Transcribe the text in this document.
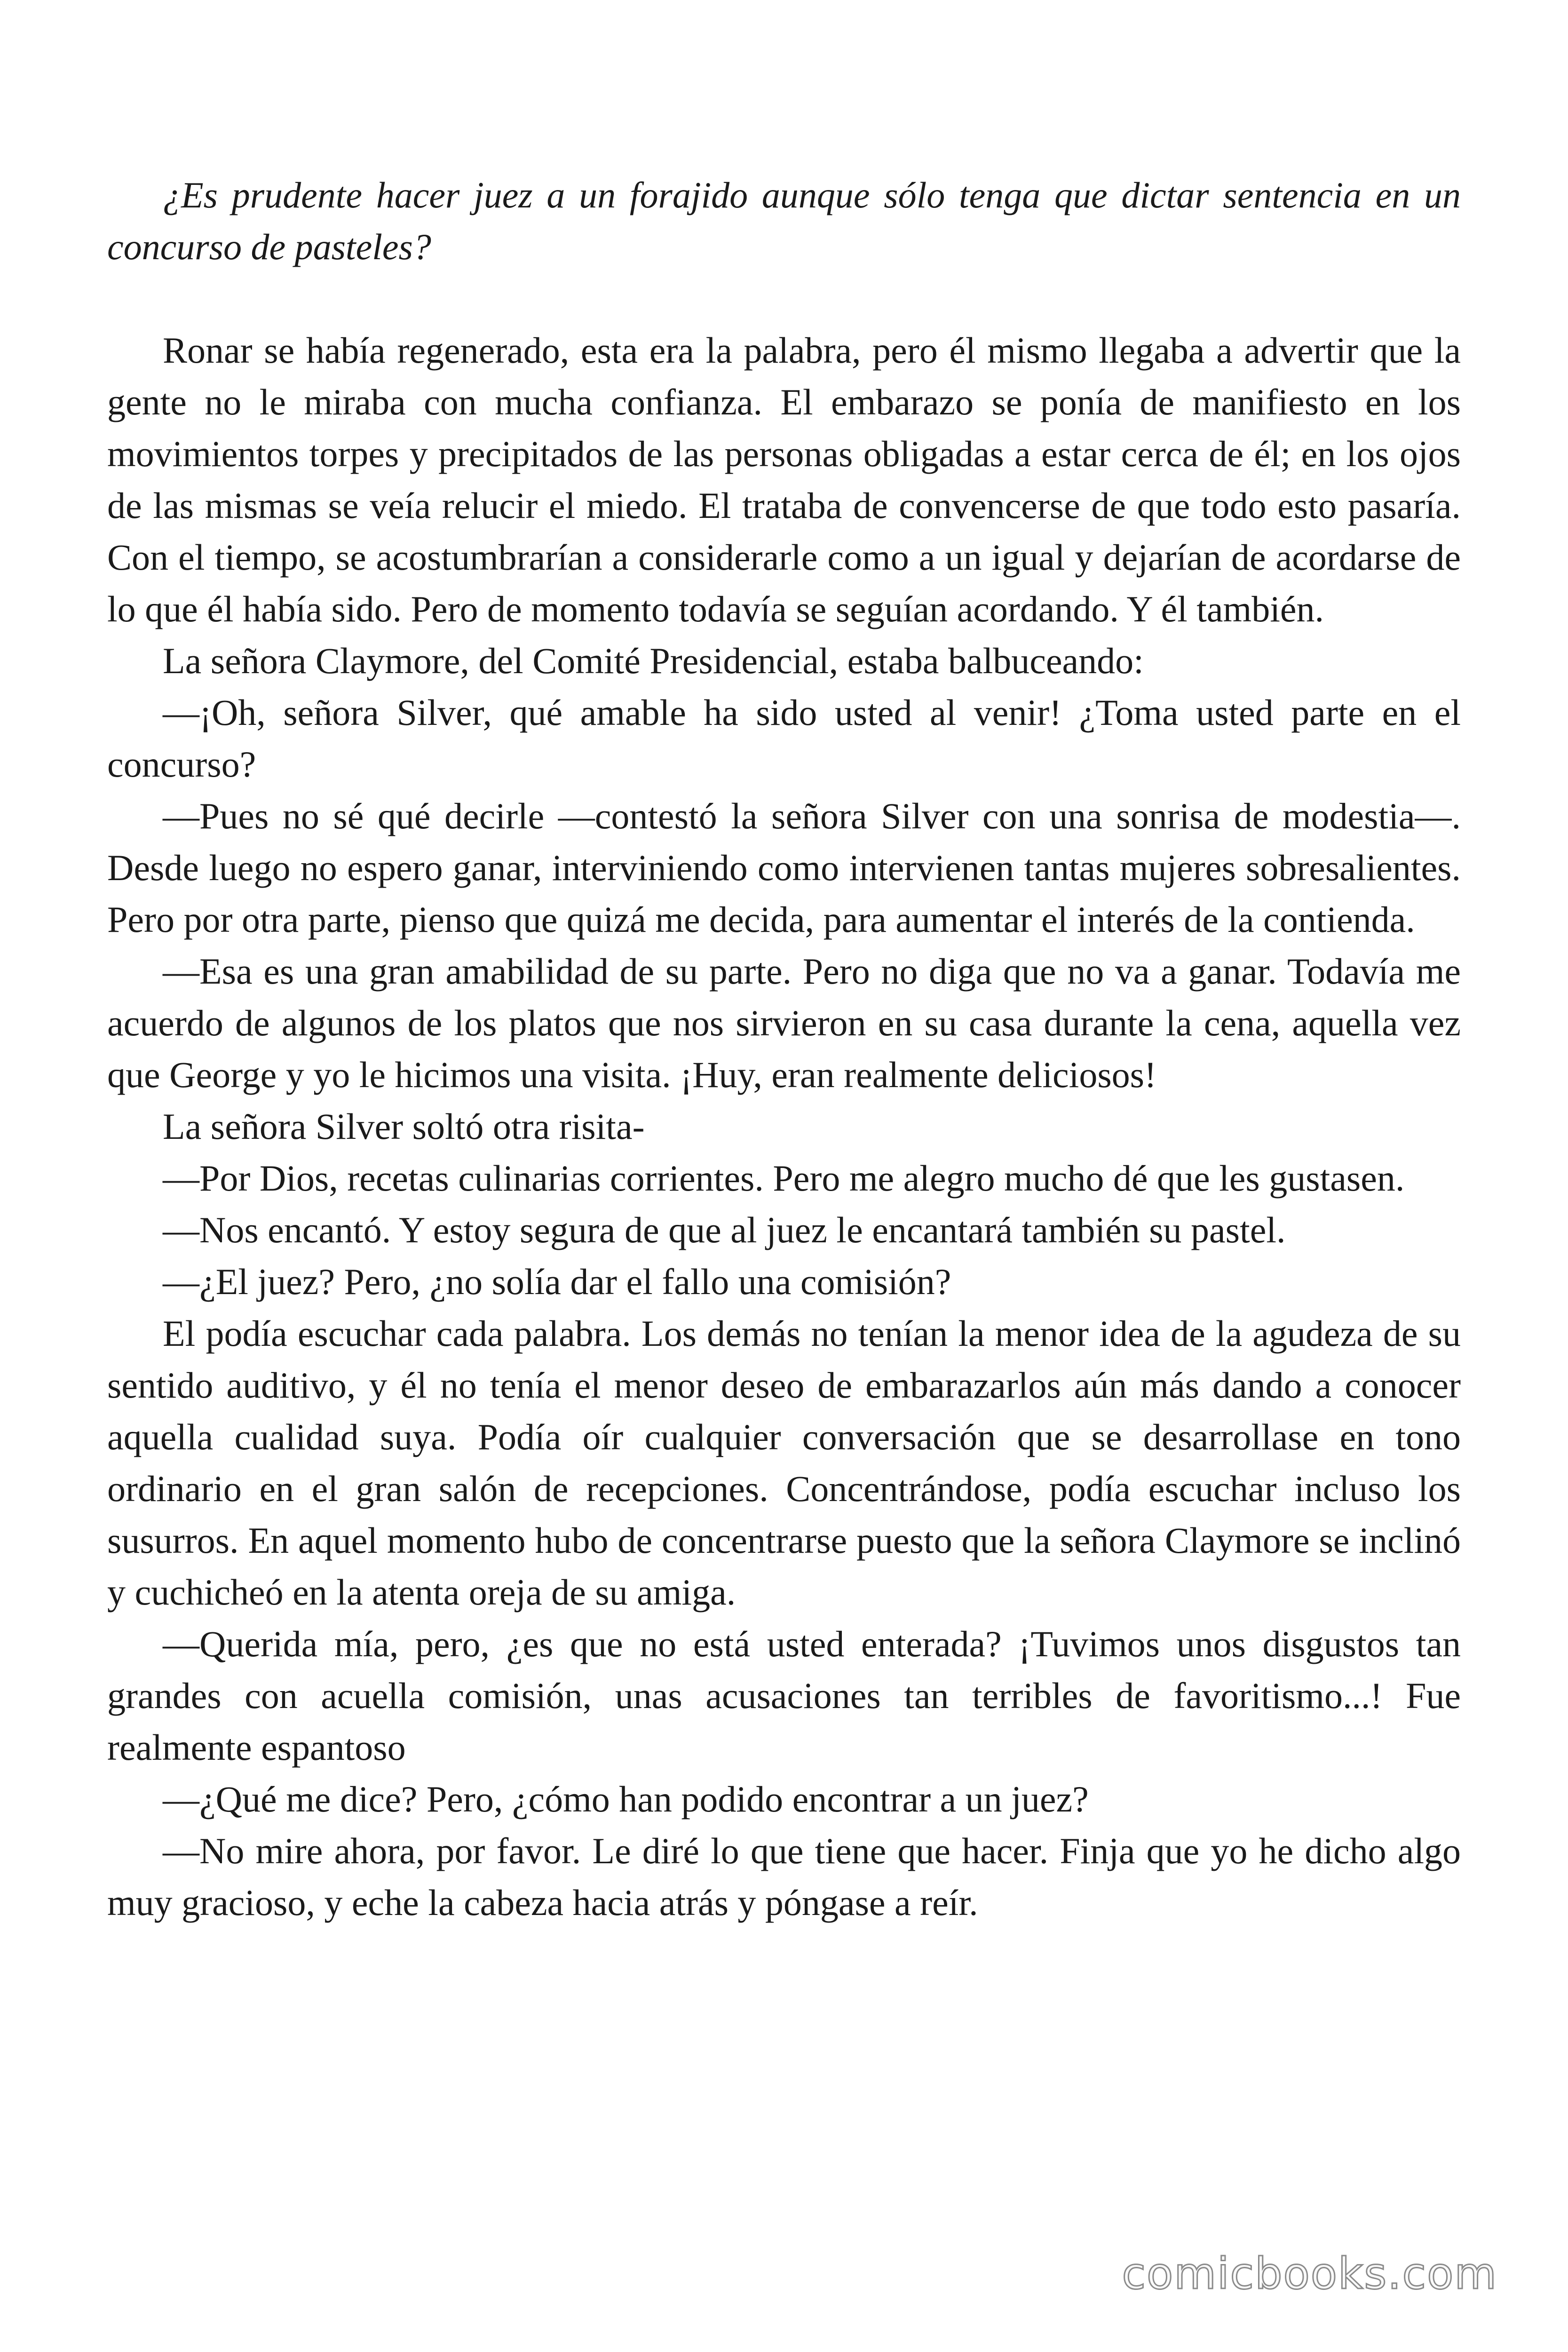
¿Es prudente hacer juez a un forajido aunque sólo tenga que dictar sentencia en un concurso de pasteles?

Ronar se había regenerado, esta era la palabra, pero él mismo llegaba a advertir que la gente no le miraba con mucha confianza. El embarazo se ponía de manifiesto en los movimientos torpes y precipitados de las personas obligadas a estar cerca de él; en los ojos de las mismas se veía relucir el miedo. El trataba de convencerse de que todo esto pasaría. Con el tiempo, se acostumbrarían a considerarle como a un igual y dejarían de acordarse de lo que él había sido. Pero de momento todavía se seguían acordando. Y él también.

La señora Claymore, del Comité Presidencial, estaba balbuceando:

—¡Oh, señora Silver, qué amable ha sido usted al venir! ¿Toma usted parte en el concurso?

—Pues no sé qué decirle —contestó la señora Silver con una sonrisa de modestia—. Desde luego no espero ganar, interviniendo como intervienen tantas mujeres sobresalientes. Pero por otra parte, pienso que quizá me decida, para aumentar el interés de la contienda.

—Esa es una gran amabilidad de su parte. Pero no diga que no va a ganar. Todavía me acuerdo de algunos de los platos que nos sirvieron en su casa durante la cena, aquella vez que George y yo le hicimos una visita. ¡Huy, eran realmente deliciosos!

La señora Silver soltó otra risita-

—Por Dios, recetas culinarias corrientes. Pero me alegro mucho dé que les gustasen.

—Nos encantó. Y estoy segura de que al juez le encantará también su pastel.

—¿El juez? Pero, ¿no solía dar el fallo una comisión?

El podía escuchar cada palabra. Los demás no tenían la menor idea de la agudeza de su sentido auditivo, y él no tenía el menor deseo de embarazarlos aún más dando a conocer aquella cualidad suya. Podía oír cualquier conversación que se desarrollase en tono ordinario en el gran salón de recepciones. Concentrándose, podía escuchar incluso los susurros. En aquel momento hubo de concentrarse puesto que la señora Claymore se inclinó y cuchicheó en la atenta oreja de su amiga.

—Querida mía, pero, ¿es que no está usted enterada? ¡Tuvimos unos disgustos tan grandes con acuella comisión, unas acusaciones tan terribles de favoritismo...! Fue realmente espantoso

—¿Qué me dice? Pero, ¿cómo han podido encontrar a un juez?

—No mire ahora, por favor. Le diré lo que tiene que hacer. Finja que yo he dicho algo muy gracioso, y eche la cabeza hacia atrás y póngase a reír.

comicbooks.com
